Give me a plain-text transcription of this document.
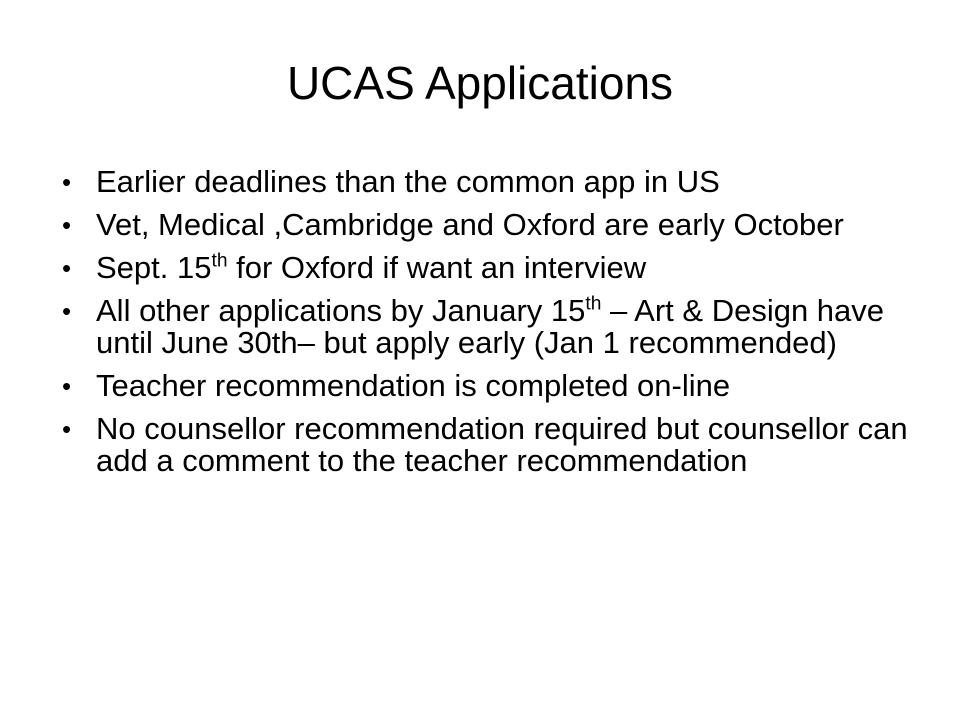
UCAS Applications
• Earlier deadlines than the common app in US
• Vet, Medical ,Cambridge and Oxford are early October
• Sept. 15th for Oxford if want an interview
• All other applications by January 15th – Art & Design have until June 30th– but apply early (Jan 1 recommended)
• Teacher recommendation is completed on-line
• No counsellor recommendation required but counsellor can add a comment to the teacher recommendation
